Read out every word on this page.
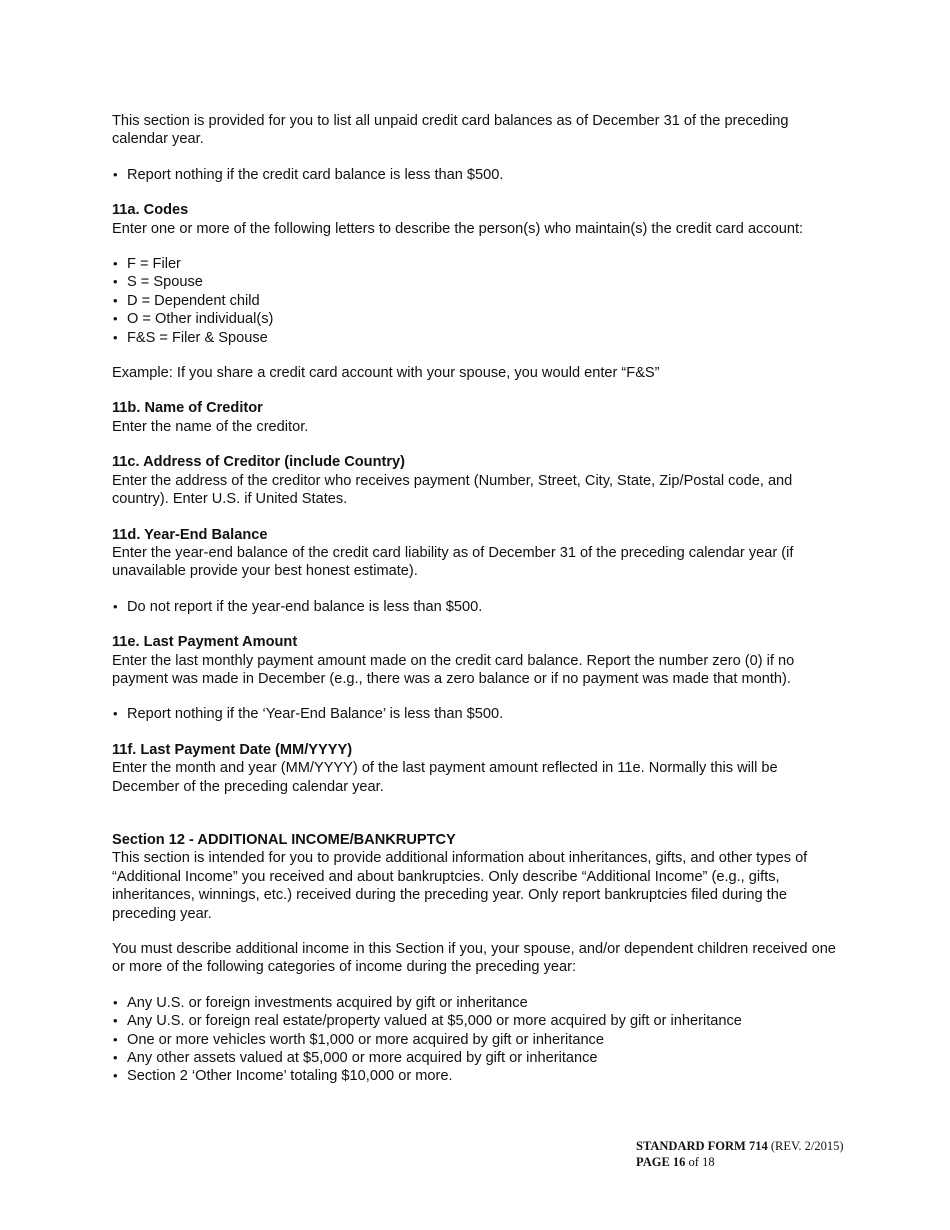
This section is provided for you to list all unpaid credit card balances as of December 31 of the preceding calendar year.

• Report nothing if the credit card balance is less than $500.
11a. Codes

Enter one or more of the following letters to describe the person(s) who maintain(s) the credit card account:

• F = Filer
• S = Spouse
• D = Dependent child
• O = Other individual(s)
• F&S = Filer & Spouse

Example: If you share a credit card account with your spouse, you would enter “F&S”

11b. Name of Creditor

Enter the name of the creditor.

11c. Address of Creditor (include Country)

Enter the address of the creditor who receives payment (Number, Street, City, State, Zip/Postal code, and country). Enter U.S. if United States.

11d. Year-End Balance

Enter the year-end balance of the credit card liability as of December 31 of the preceding calendar year (if unavailable provide your best honest estimate).

• Do not report if the year-end balance is less than $500.
11e. Last Payment Amount

Enter the last monthly payment amount made on the credit card balance. Report the number zero (0) if no payment was made in December (e.g., there was a zero balance or if no payment was made that month).

• Report nothing if the ‘Year-End Balance’ is less than $500.
11f. Last Payment Date (MM/YYYY)

Enter the month and year (MM/YYYY) of the last payment amount reflected in 11e. Normally this will be December of the preceding calendar year.

Section 12 - ADDITIONAL INCOME/BANKRUPTCY

This section is intended for you to provide additional information about inheritances, gifts, and other types of “Additional Income” you received and about bankruptcies. Only describe “Additional Income” (e.g., gifts, inheritances, winnings, etc.) received during the preceding year. Only report bankruptcies filed during the preceding year.

You must describe additional income in this Section if you, your spouse, and/or dependent children received one or more of the following categories of income during the preceding year:

• Any U.S. or foreign investments acquired by gift or inheritance
• Any U.S. or foreign real estate/property valued at $5,000 or more acquired by gift or inheritance
• One or more vehicles worth $1,000 or more acquired by gift or inheritance
• Any other assets valued at $5,000 or more acquired by gift or inheritance
• Section 2 ‘Other Income’ totaling $10,000 or more.
STANDARD FORM 714 (REV. 2/2015)
PAGE 16 of 18
